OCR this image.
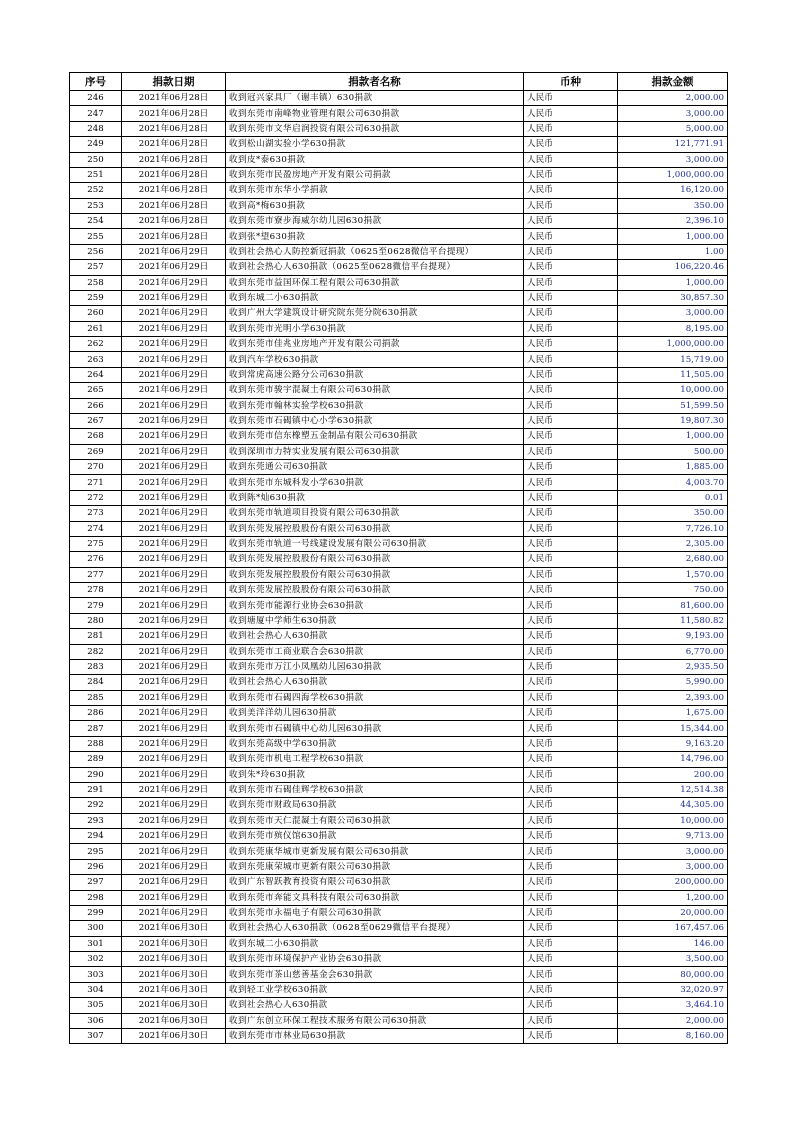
序号	捐款日期	捐款者名称	币种	捐款金额
246	2021年06月28日	收到冠兴家具厂（谢丰镇）630捐款	人民币	2,000.00
247	2021年06月28日	收到东莞市南峰物业管理有限公司630捐款	人民币	3,000.00
248	2021年06月28日	收到东莞市文华启润投资有限公司630捐款	人民币	5,000.00
249	2021年06月28日	收到松山湖实验小学630捐款	人民币	121,771.91
250	2021年06月28日	收到皮*泰630捐款	人民币	3,000.00
251	2021年06月28日	收到东莞市民盈房地产开发有限公司捐款	人民币	1,000,000.00
252	2021年06月28日	收到东莞市东华小学捐款	人民币	16,120.00
253	2021年06月28日	收到高*梅630捐款	人民币	350.00
254	2021年06月28日	收到东莞市寮步海威尔幼儿园630捐款	人民币	2,396.10
255	2021年06月28日	收到张*望630捐款	人民币	1,000.00
256	2021年06月29日	收到社会热心人防控新冠捐款（0625至0628微信平台提现）	人民币	1.00
257	2021年06月29日	收到社会热心人630捐款（0625至0628微信平台提现）	人民币	106,220.46
258	2021年06月29日	收到东莞市益国环保工程有限公司630捐款	人民币	1,000.00
259	2021年06月29日	收到东城二小630捐款	人民币	30,857.30
260	2021年06月29日	收到广州大学建筑设计研究院东莞分院630捐款	人民币	3,000.00
261	2021年06月29日	收到东莞市光明小学630捐款	人民币	8,195.00
262	2021年06月29日	收到东莞市佳兆业房地产开发有限公司捐款	人民币	1,000,000.00
263	2021年06月29日	收到汽车学校630捐款	人民币	15,719.00
264	2021年06月29日	收到常虎高速公路分公司630捐款	人民币	11,505.00
265	2021年06月29日	收到东莞市骏宇混凝土有限公司630捐款	人民币	10,000.00
266	2021年06月29日	收到东莞市翰林实验学校630捐款	人民币	51,599.50
267	2021年06月29日	收到东莞市石碣镇中心小学630捐款	人民币	19,807.30
268	2021年06月29日	收到东莞市信东橡塑五金制品有限公司630捐款	人民币	1,000.00
269	2021年06月29日	收到深圳市力特实业发展有限公司630捐款	人民币	500.00
270	2021年06月29日	收到东莞通公司630捐款	人民币	1,885.00
271	2021年06月29日	收到东莞市东城科发小学630捐款	人民币	4,003.70
272	2021年06月29日	收到陈*灿630捐款	人民币	0.01
273	2021年06月29日	收到东莞市轨道项目投资有限公司630捐款	人民币	350.00
274	2021年06月29日	收到东莞发展控股股份有限公司630捐款	人民币	7,726.10
275	2021年06月29日	收到东莞市轨道一号线建设发展有限公司630捐款	人民币	2,305.00
276	2021年06月29日	收到东莞发展控股股份有限公司630捐款	人民币	2,680.00
277	2021年06月29日	收到东莞发展控股股份有限公司630捐款	人民币	1,570.00
278	2021年06月29日	收到东莞发展控股股份有限公司630捐款	人民币	750.00
279	2021年06月29日	收到东莞市能源行业协会630捐款	人民币	81,600.00
280	2021年06月29日	收到塘厦中学师生630捐款	人民币	11,580.82
281	2021年06月29日	收到社会热心人630捐款	人民币	9,193.00
282	2021年06月29日	收到东莞市工商业联合会630捐款	人民币	6,770.00
283	2021年06月29日	收到东莞市万江小凤凰幼儿园630捐款	人民币	2,935.50
284	2021年06月29日	收到社会热心人630捐款	人民币	5,990.00
285	2021年06月29日	收到东莞市石碣四海学校630捐款	人民币	2,393.00
286	2021年06月29日	收到美洋洋幼儿园630捐款	人民币	1,675.00
287	2021年06月29日	收到东莞市石碣镇中心幼儿园630捐款	人民币	15,344.00
288	2021年06月29日	收到东莞高级中学630捐款	人民币	9,163.20
289	2021年06月29日	收到东莞市机电工程学校630捐款	人民币	14,796.00
290	2021年06月29日	收到朱*玲630捐款	人民币	200.00
291	2021年06月29日	收到东莞市石碣佳辉学校630捐款	人民币	12,514.38
292	2021年06月29日	收到东莞市财政局630捐款	人民币	44,305.00
293	2021年06月29日	收到东莞市天仁混凝土有限公司630捐款	人民币	10,000.00
294	2021年06月29日	收到东莞市殡仪馆630捐款	人民币	9,713.00
295	2021年06月29日	收到东莞康华城市更新发展有限公司630捐款	人民币	3,000.00
296	2021年06月29日	收到东莞康荣城市更新有限公司630捐款	人民币	3,000.00
297	2021年06月29日	收到广东智跃教育投资有限公司630捐款	人民币	200,000.00
298	2021年06月29日	收到东莞市奔能文具科技有限公司630捐款	人民币	1,200.00
299	2021年06月29日	收到东莞市永福电子有限公司630捐款	人民币	20,000.00
300	2021年06月30日	收到社会热心人630捐款（0628至0629微信平台提现）	人民币	167,457.06
301	2021年06月30日	收到东城二小630捐款	人民币	146.00
302	2021年06月30日	收到东莞市环境保护产业协会630捐款	人民币	3,500.00
303	2021年06月30日	收到东莞市茶山慈善基金会630捐款	人民币	80,000.00
304	2021年06月30日	收到轻工业学校630捐款	人民币	32,020.97
305	2021年06月30日	收到社会热心人630捐款	人民币	3,464.10
306	2021年06月30日	收到广东创立环保工程技术服务有限公司630捐款	人民币	2,000.00
307	2021年06月30日	收到东莞市市林业局630捐款	人民币	8,160.00
